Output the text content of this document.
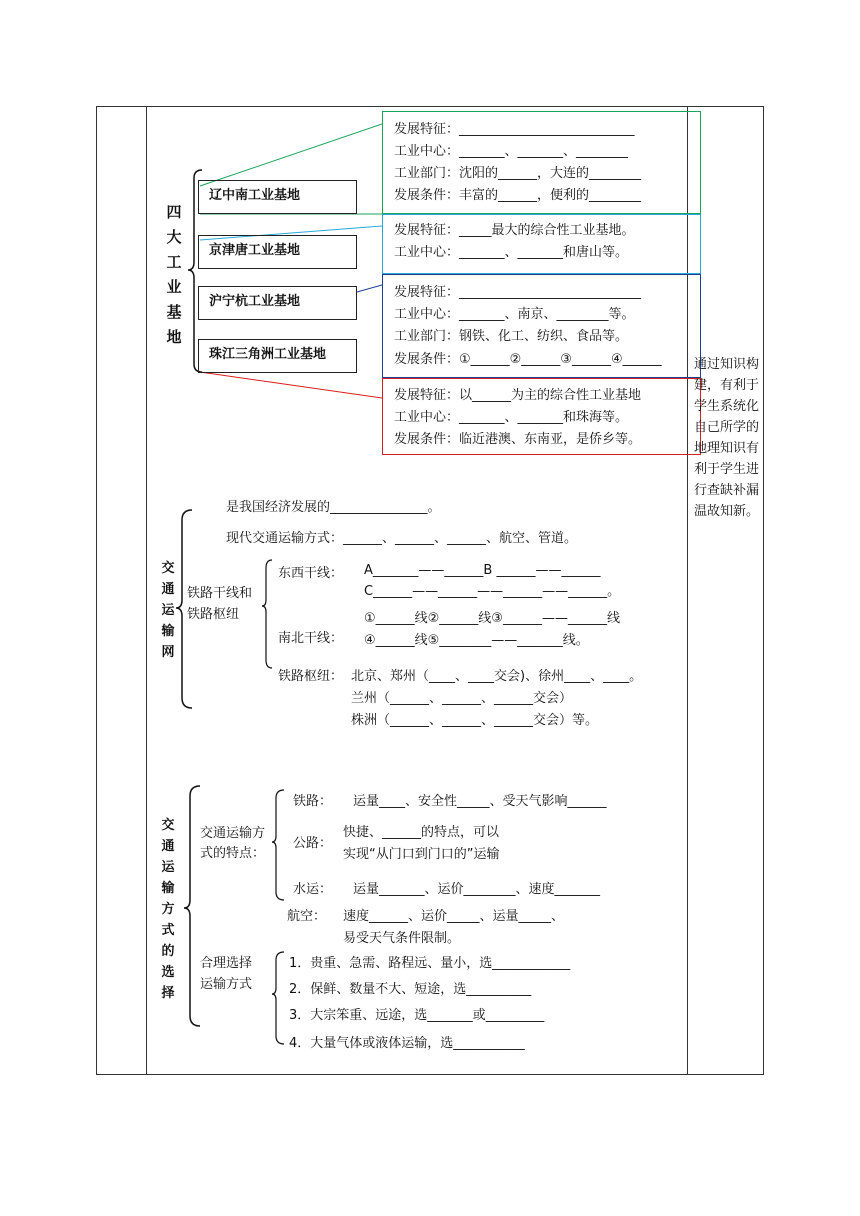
四大工业基地
辽中南工业基地
京津唐工业基地
沪宁杭工业基地
珠江三角洲工业基地
发展特征：___________________________
工业中心：_______、_______、________
工业部门：沈阳的______，大连的________
发展条件：丰富的______，便利的________
发展特征：_____最大的综合性工业基地。
工业中心：_______、_______和唐山等。
发展特征：____________________________
工业中心：_______、南京、________等。
工业部门：钢铁、化工、纺织、食品等。
发展条件：①______②______③______④______
发展特征：以______为主的综合性工业基地
工业中心：_______、_______和珠海等。
发展条件：临近港澳、东南亚，是侨乡等。
通过知识构建，有利于学生系统化自己所学的地理知识有利于学生进行查缺补漏温故知新。
交通运输网
是我国经济发展的_______________。
现代交通运输方式：______、______、______、航空、管道。
铁路干线和
铁路枢纽
东西干线： A_______——______B ______——______
C______——______——______——______。
南北干线：
①______线②______线③______——______线
④______线⑤________——_______线。
铁路枢纽： 北京、郑州（____、____交会)、徐州____、____。
兰州（______、______、______交会）
株洲（______、______、______交会）等。
交通运输方式的选择
交通运输方
式的特点：
铁路： 运量____、安全性_____、受天气影响______
公路：
快捷、______的特点，可以
实现“从门口到门口的”运输
水运： 运量_______、运价________、速度_______
航空： 速度______、运价_____、运量_____、
易受天气条件限制。
合理选择
运输方式
1．贵重、急需、路程远、量小，选____________
2．保鲜、数量不大、短途，选__________
3．大宗笨重、远途，选_______或_________
4．大量气体或液体运输，选___________
